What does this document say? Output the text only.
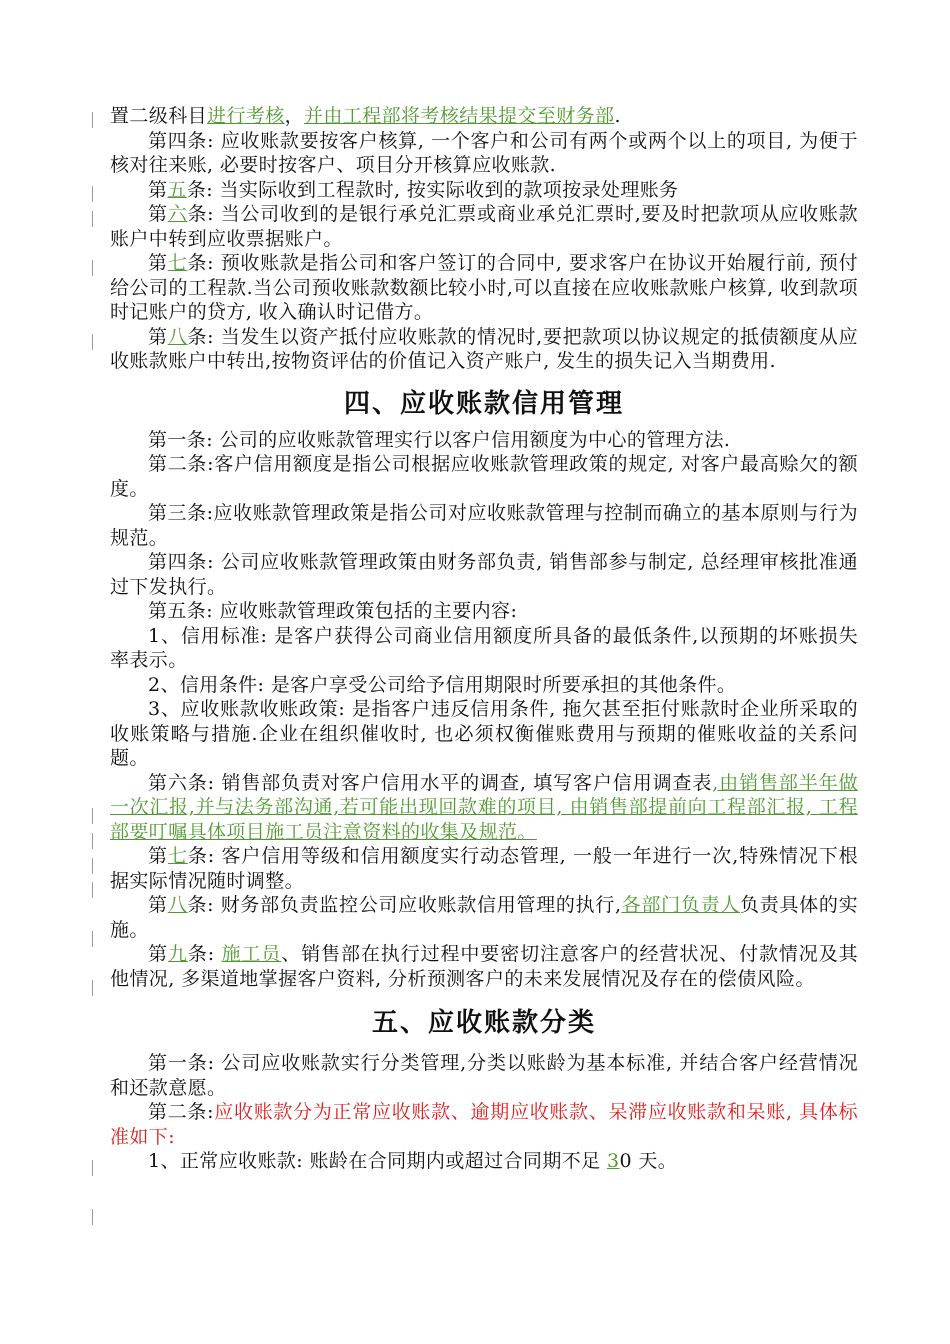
置二级科目进行考核，并由工程部将考核结果提交至财务部.
第四条: 应收账款要按客户核算, 一个客户和公司有两个或两个以上的项目, 为便于核对往来账, 必要时按客户、项目分开核算应收账款.
第五条: 当实际收到工程款时, 按实际收到的款项按录处理账务
第六条: 当公司收到的是银行承兑汇票或商业承兑汇票时,要及时把款项从应收账款账户中转到应收票据账户。
第七条: 预收账款是指公司和客户签订的合同中, 要求客户在协议开始履行前, 预付给公司的工程款.当公司预收账款数额比较小时,可以直接在应收账款账户核算, 收到款项时记账户的贷方, 收入确认时记借方。
第八条: 当发生以资产抵付应收账款的情况时,要把款项以协议规定的抵债额度从应收账款账户中转出,按物资评估的价值记入资产账户, 发生的损失记入当期费用.
四、应收账款信用管理
第一条: 公司的应收账款管理实行以客户信用额度为中心的管理方法.
第二条:客户信用额度是指公司根据应收账款管理政策的规定, 对客户最高赊欠的额度。
第三条:应收账款管理政策是指公司对应收账款管理与控制而确立的基本原则与行为规范。
第四条: 公司应收账款管理政策由财务部负责, 销售部参与制定, 总经理审核批准通过下发执行。
第五条: 应收账款管理政策包括的主要内容:
1、信用标准: 是客户获得公司商业信用额度所具备的最低条件,以预期的坏账损失率表示。
2、信用条件: 是客户享受公司给予信用期限时所要承担的其他条件。
3、应收账款收账政策: 是指客户违反信用条件, 拖欠甚至拒付账款时企业所采取的收账策略与措施.企业在组织催收时, 也必须权衡催账费用与预期的催账收益的关系问题。
第六条: 销售部负责对客户信用水平的调查, 填写客户信用调查表,由销售部半年做一次汇报,并与法务部沟通,若可能出现回款难的项目, 由销售部提前向工程部汇报, 工程部要叮嘱具体项目施工员注意资料的收集及规范。
第七条: 客户信用等级和信用额度实行动态管理, 一般一年进行一次,特殊情况下根据实际情况随时调整。
第八条: 财务部负责监控公司应收账款信用管理的执行,各部门负责人负责具体的实施。
第九条: 施工员、销售部在执行过程中要密切注意客户的经营状况、付款情况及其他情况, 多渠道地掌握客户资料, 分析预测客户的未来发展情况及存在的偿债风险。
五、应收账款分类
第一条: 公司应收账款实行分类管理,分类以账龄为基本标准, 并结合客户经营情况和还款意愿。
第二条:应收账款分为正常应收账款、逾期应收账款、呆滞应收账款和呆账, 具体标准如下:
1、正常应收账款: 账龄在合同期内或超过合同期不足 30 天。
